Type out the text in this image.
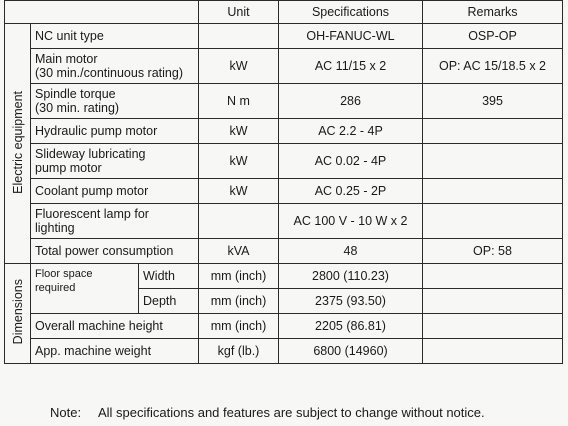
			Unit	Specifications	Remarks
Electric equipment	NC unit type			OH-FANUC-WL	OSP-OP
	Main motor
(30 min./continuous rating)		kW	AC 11/15 x 2	OP: AC 15/18.5 x 2
	Spindle torque
(30 min. rating)		N m	286	395
	Hydraulic pump motor		kW	AC 2.2 - 4P	
	Slideway lubricating
pump motor		kW	AC 0.02 - 4P	
	Coolant pump motor		kW	AC 0.25 - 2P	
	Fluorescent lamp for
lighting			AC 100 V - 10 W x 2	
	Total power consumption		kVA	48	OP: 58
Dimensions	Floor space required	Width	mm (inch)	2800 (110.23)	
		Depth	mm (inch)	2375 (93.50)	
	Overall machine height		mm (inch)	2205 (86.81)	
	App. machine weight		kgf (lb.)	6800 (14960)	
Note: All specifications and features are subject to change without notice.
